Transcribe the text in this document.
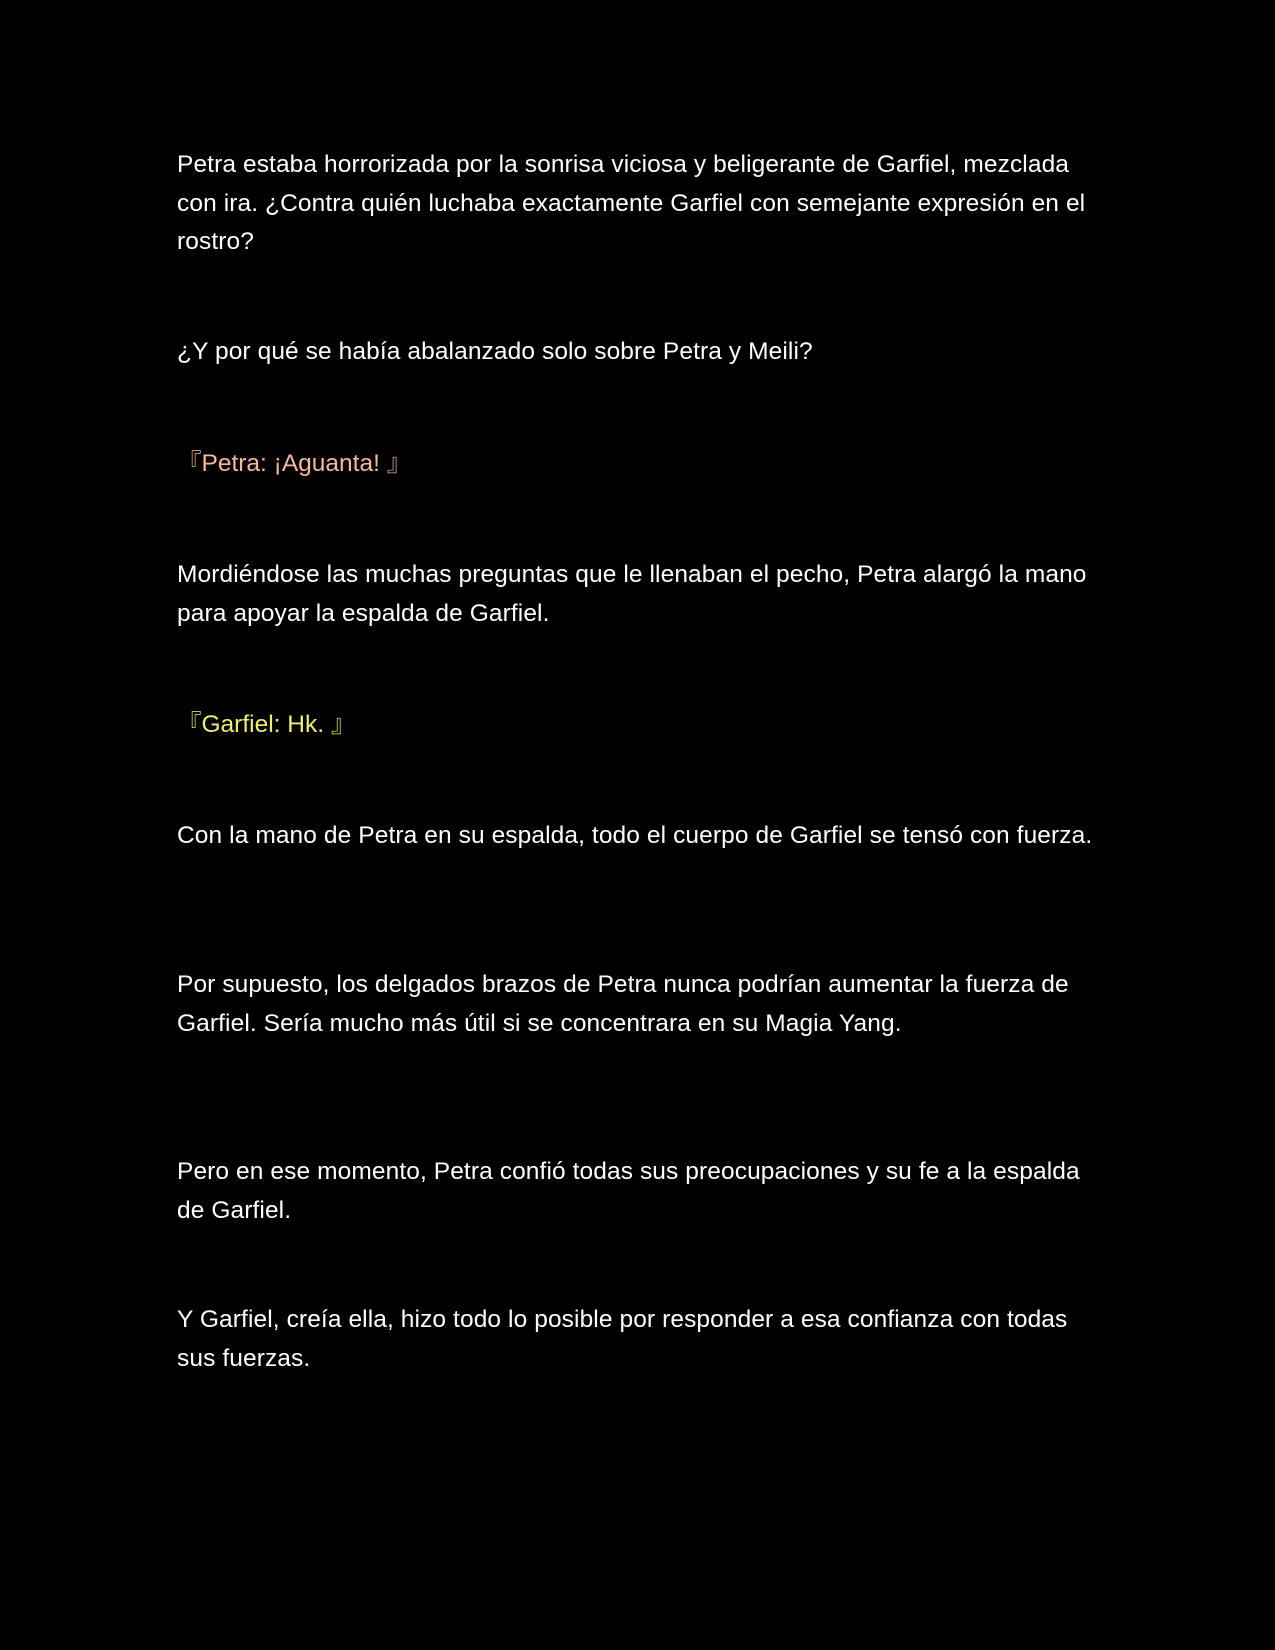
Petra estaba horrorizada por la sonrisa viciosa y beligerante de Garfiel, mezclada con ira. ¿Contra quién luchaba exactamente Garfiel con semejante expresión en el rostro?

¿Y por qué se había abalanzado solo sobre Petra y Meili?

『Petra: ¡Aguanta! 』

Mordiéndose las muchas preguntas que le llenaban el pecho, Petra alargó la mano para apoyar la espalda de Garfiel.

『Garfiel: Hk. 』

Con la mano de Petra en su espalda, todo el cuerpo de Garfiel se tensó con fuerza.

Por supuesto, los delgados brazos de Petra nunca podrían aumentar la fuerza de Garfiel. Sería mucho más útil si se concentrara en su Magia Yang.

Pero en ese momento, Petra confió todas sus preocupaciones y su fe a la espalda de Garfiel.

Y Garfiel, creía ella, hizo todo lo posible por responder a esa confianza con todas sus fuerzas.
